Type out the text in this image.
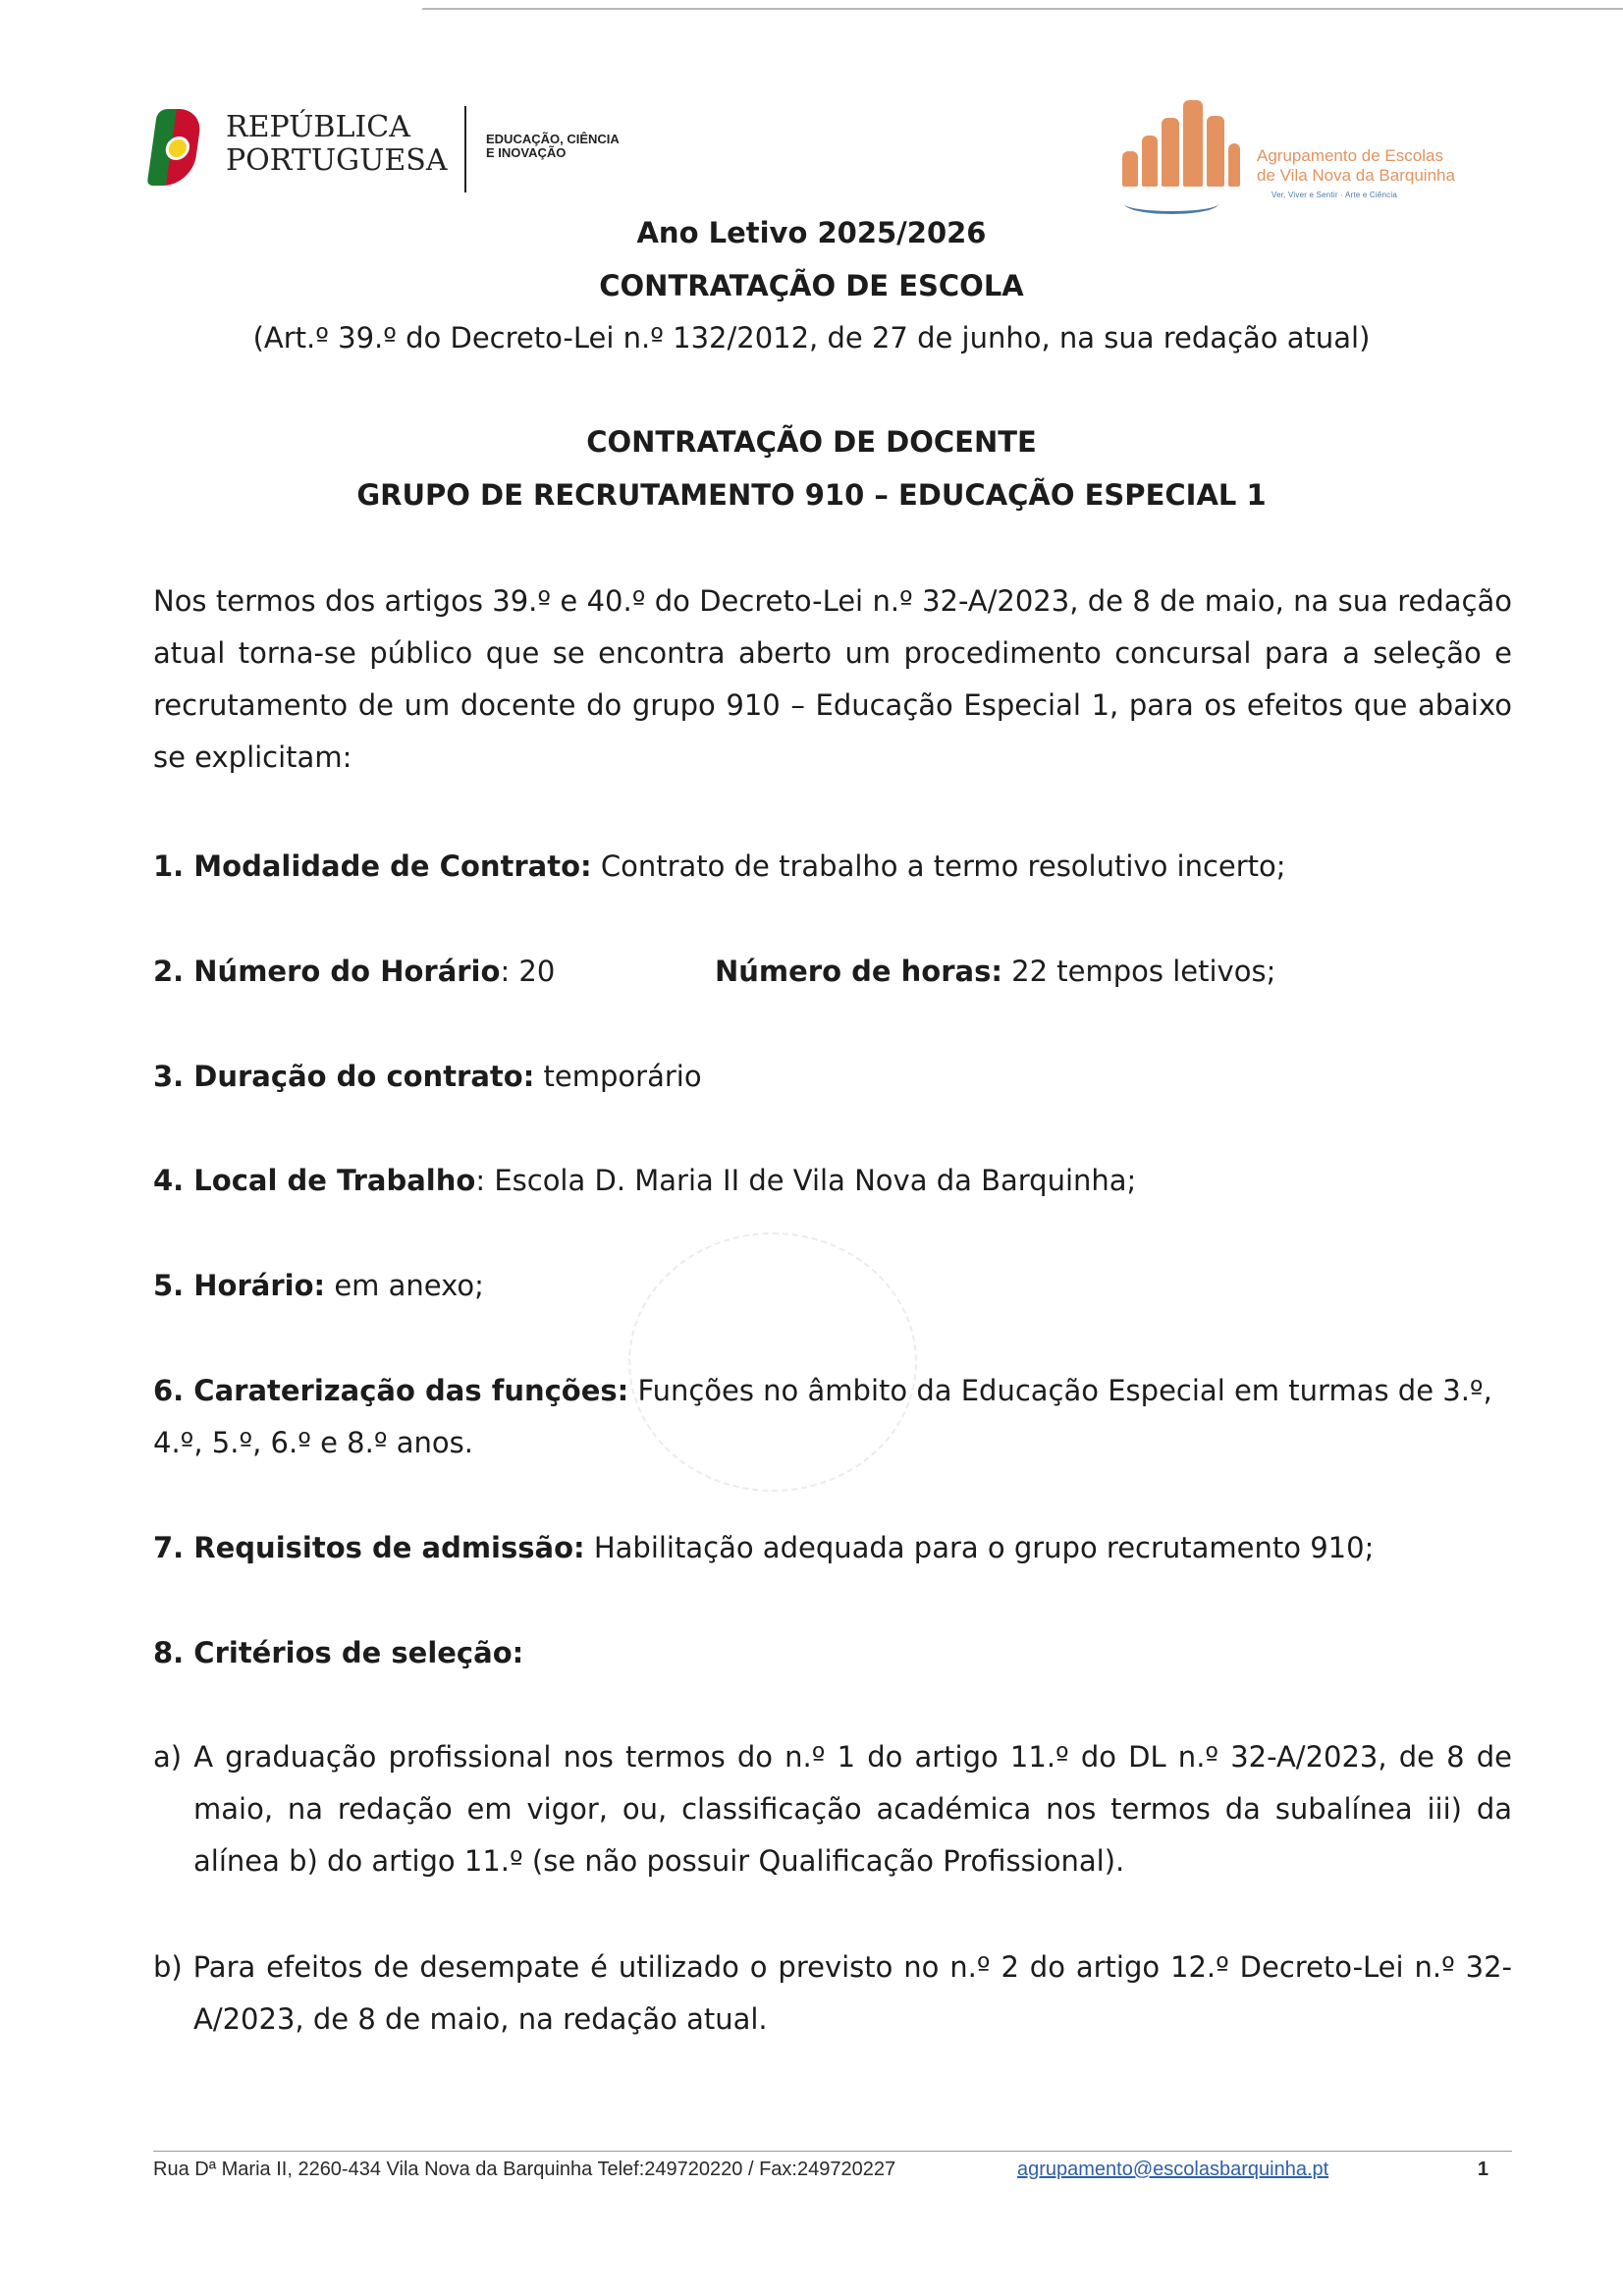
REPÚBLICA
PORTUGUESA
EDUCAÇÃO, CIÊNCIA
E INOVAÇÃO	Agrupamento de Escolas
de Vila Nova da Barquinha
Ver, Viver e Sentir · Arte e Ciência
Ano Letivo 2025/2026
CONTRATAÇÃO DE ESCOLA
(Art.º 39.º do Decreto-Lei n.º 132/2012, de 27 de junho, na sua redação atual)
CONTRATAÇÃO DE DOCENTE
GRUPO DE RECRUTAMENTO 910 – EDUCAÇÃO ESPECIAL 1

Nos termos dos artigos 39.º e 40.º do Decreto-Lei n.º 32-A/2023, de 8 de maio, na sua redação atual torna-se público que se encontra aberto um procedimento concursal para a seleção e recrutamento de um docente do grupo 910 – Educação Especial 1, para os efeitos que abaixo se explicitam:

1. Modalidade de Contrato: Contrato de trabalho a termo resolutivo incerto;

2. Número do Horário: 20	Número de horas: 22 tempos letivos;

3. Duração do contrato: temporário

4. Local de Trabalho: Escola D. Maria II de Vila Nova da Barquinha;

5. Horário: em anexo;

6. Caraterização das funções: Funções no âmbito da Educação Especial em turmas de 3.º, 4.º, 5.º, 6.º e 8.º anos.

7. Requisitos de admissão: Habilitação adequada para o grupo recrutamento 910;

8. Critérios de seleção:

a) A graduação profissional nos termos do n.º 1 do artigo 11.º do DL n.º 32-A/2023, de 8 de maio, na redação em vigor, ou, classificação académica nos termos da subalínea iii) da alínea b) do artigo 11.º (se não possuir Qualificação Profissional).

b) Para efeitos de desempate é utilizado o previsto no n.º 2 do artigo 12.º Decreto-Lei n.º 32-A/2023, de 8 de maio, na redação atual.

Rua Dª Maria II, 2260-434 Vila Nova da Barquinha Telef:249720220 / Fax:249720227	agrupamento@escolasbarquinha.pt	1
